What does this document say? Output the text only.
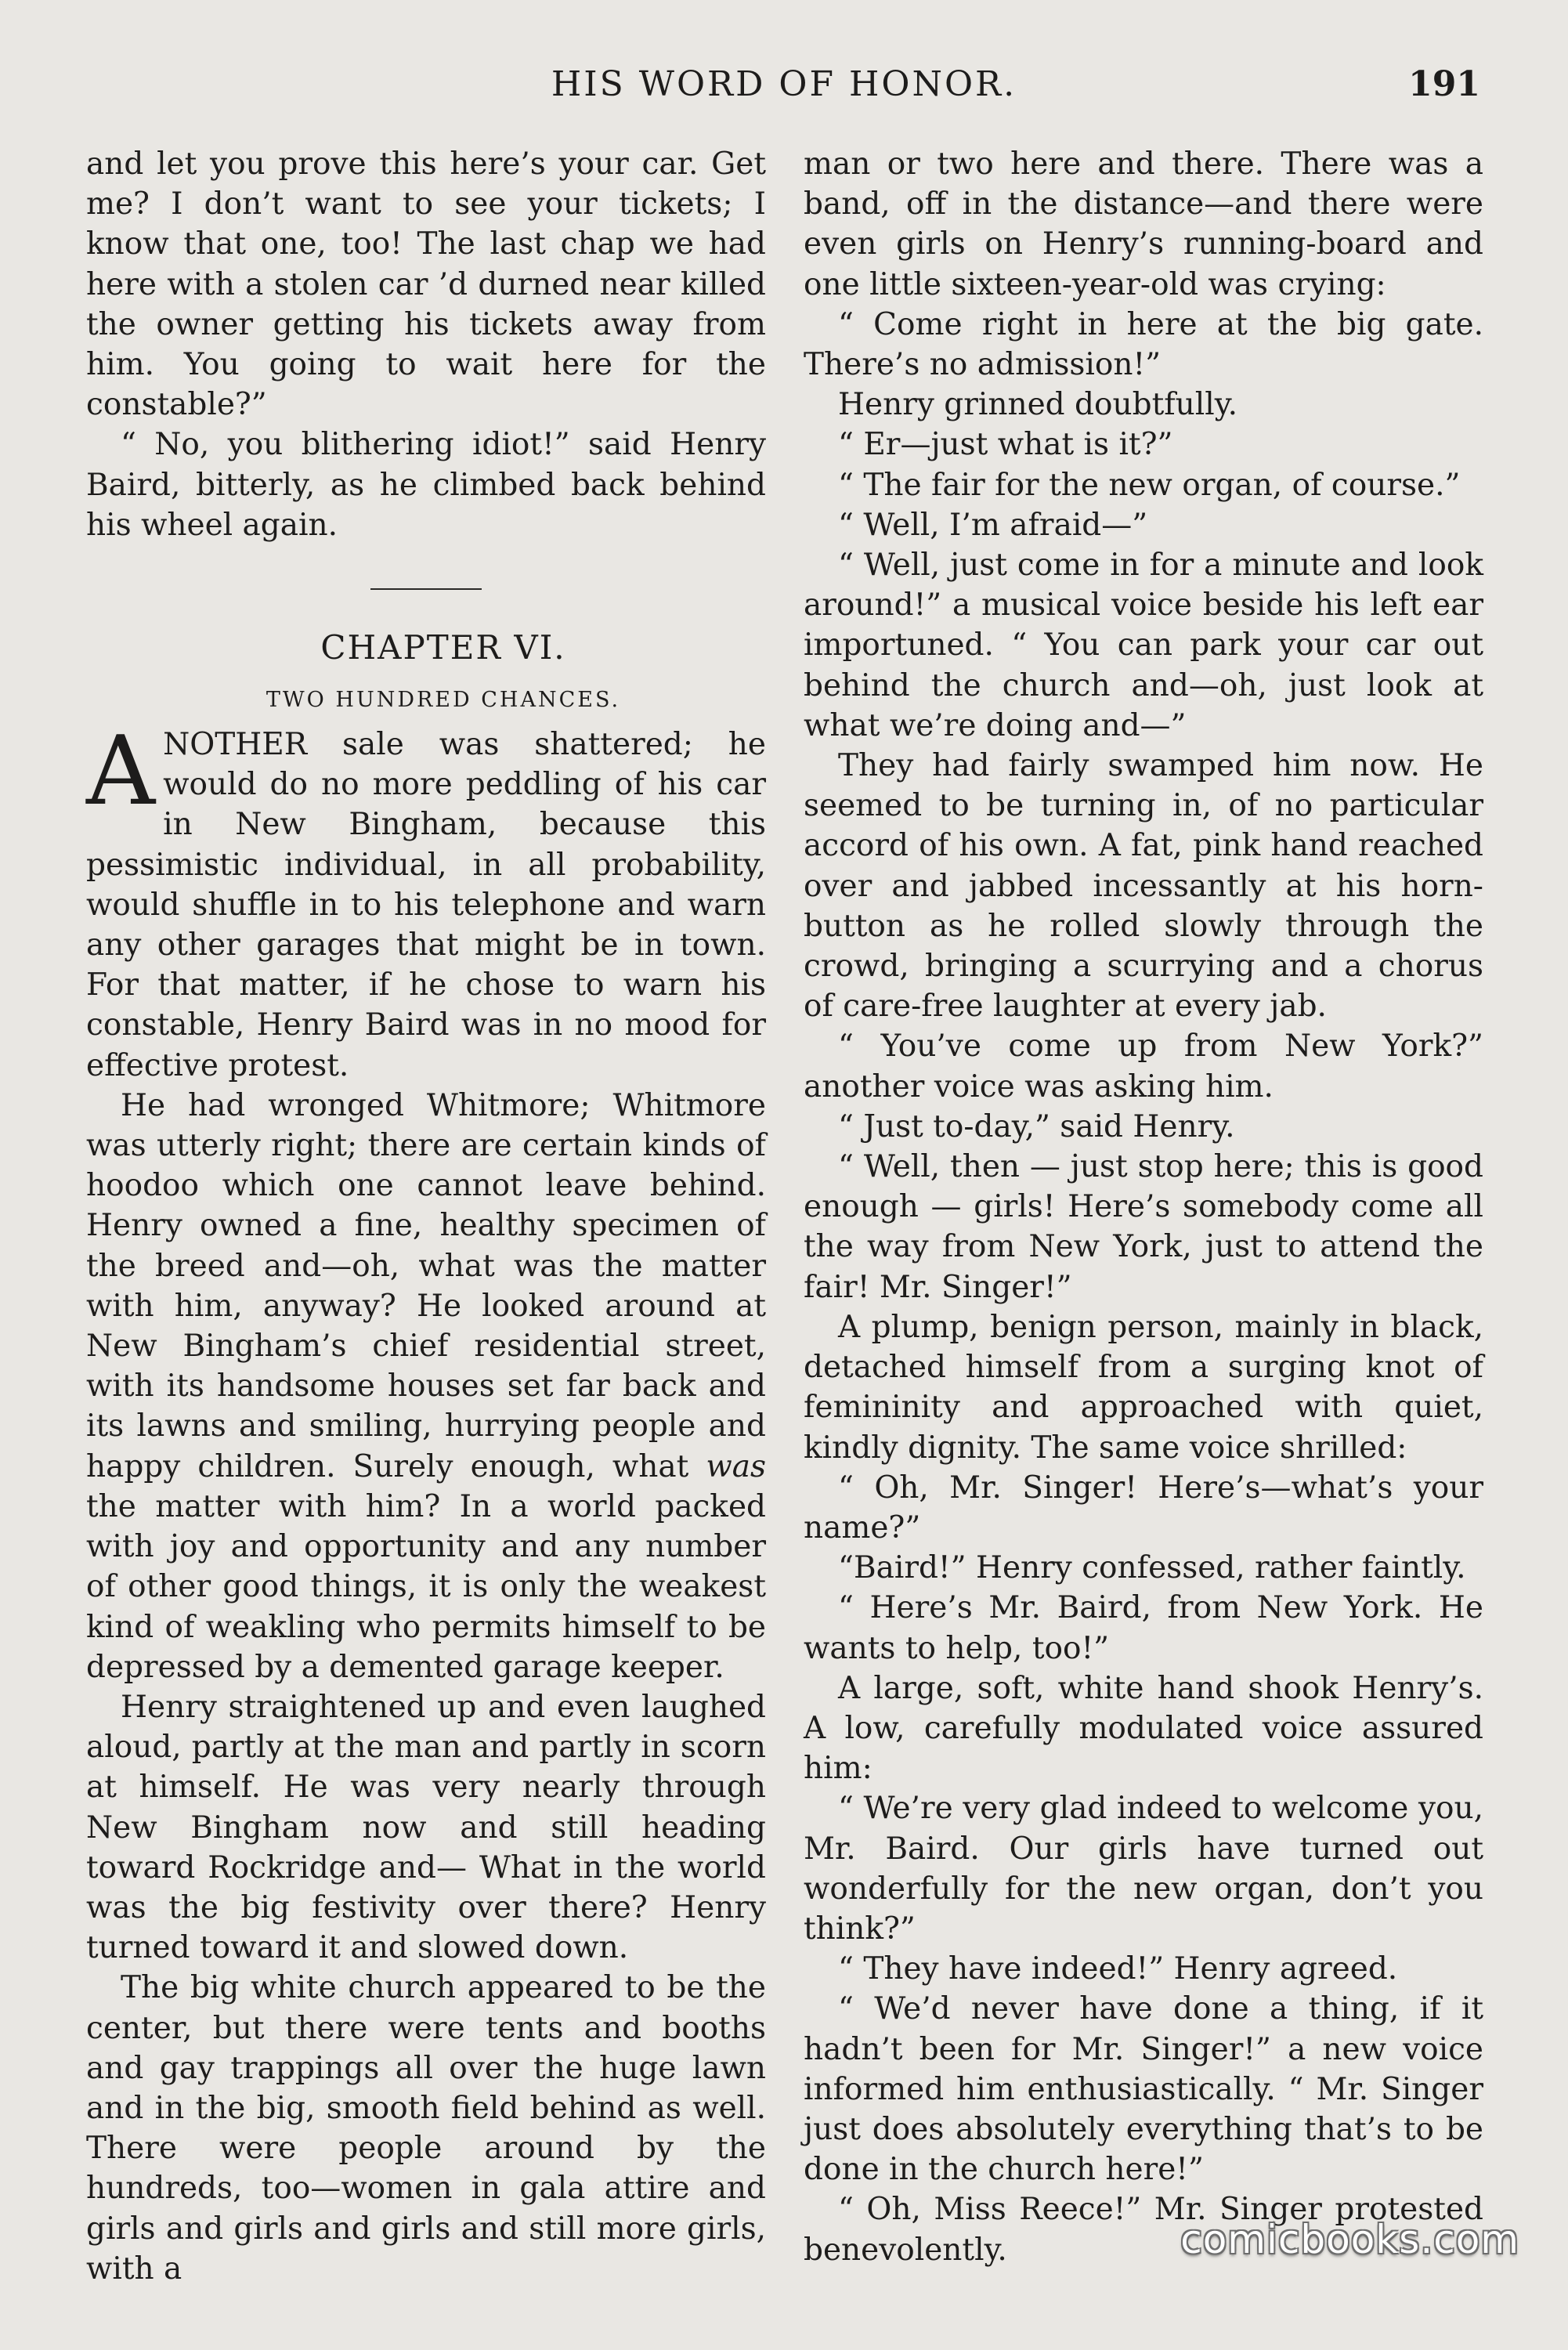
HIS WORD OF HONOR.	191

and let you prove this here’s your car. Get me? I don’t want to see your tickets; I know that one, too! The last chap we had here with a stolen car ’d durned near killed the owner getting his tickets away from him. You going to wait here for the constable?”

“ No, you blithering idiot!” said Henry Baird, bitterly, as he climbed back behind his wheel again.

CHAPTER VI.

TWO HUNDRED CHANCES.

ANOTHER sale was shattered; he would do no more peddling of his car in New Bingham, because this pessimistic individual, in all probability, would shuffle in to his telephone and warn any other garages that might be in town. For that matter, if he chose to warn his constable, Henry Baird was in no mood for effective protest.

He had wronged Whitmore; Whitmore was utterly right; there are certain kinds of hoodoo which one cannot leave behind. Henry owned a fine, healthy specimen of the breed and—oh, what was the matter with him, anyway? He looked around at New Bingham’s chief residential street, with its handsome houses set far back and its lawns and smiling, hurrying people and happy children. Surely enough, what was the matter with him? In a world packed with joy and opportunity and any number of other good things, it is only the weakest kind of weakling who permits himself to be depressed by a demented garage keeper.

Henry straightened up and even laughed aloud, partly at the man and partly in scorn at himself. He was very nearly through New Bingham now and still heading toward Rockridge and— What in the world was the big festivity over there? Henry turned toward it and slowed down.

The big white church appeared to be the center, but there were tents and booths and gay trappings all over the huge lawn and in the big, smooth field behind as well. There were people around by the hundreds, too—women in gala attire and girls and girls and girls and still more girls, with a

man or two here and there. There was a band, off in the distance—and there were even girls on Henry’s running-board and one little sixteen-year-old was crying:

“ Come right in here at the big gate. There’s no admission!”

Henry grinned doubtfully.

“ Er—just what is it?”

“ The fair for the new organ, of course.”

“ Well, I’m afraid—”

“ Well, just come in for a minute and look around!” a musical voice beside his left ear importuned. “ You can park your car out behind the church and—oh, just look at what we’re doing and—”

They had fairly swamped him now. He seemed to be turning in, of no particular accord of his own. A fat, pink hand reached over and jabbed incessantly at his horn-button as he rolled slowly through the crowd, bringing a scurrying and a chorus of care-free laughter at every jab.

“ You’ve come up from New York?” another voice was asking him.

“ Just to-day,” said Henry.

“ Well, then — just stop here; this is good enough — girls! Here’s somebody come all the way from New York, just to attend the fair! Mr. Singer!”

A plump, benign person, mainly in black, detached himself from a surging knot of femininity and approached with quiet, kindly dignity. The same voice shrilled:

“ Oh, Mr. Singer! Here’s—what’s your name?”

“Baird!” Henry confessed, rather faintly.

“ Here’s Mr. Baird, from New York. He wants to help, too!”

A large, soft, white hand shook Henry’s. A low, carefully modulated voice assured him:

“ We’re very glad indeed to welcome you, Mr. Baird. Our girls have turned out wonderfully for the new organ, don’t you think?”

“ They have indeed!” Henry agreed.

“ We’d never have done a thing, if it hadn’t been for Mr. Singer!” a new voice informed him enthusiastically. “ Mr. Singer just does absolutely everything that’s to be done in the church here!”

“ Oh, Miss Reece!” Mr. Singer protested benevolently.	comicbooks.com
